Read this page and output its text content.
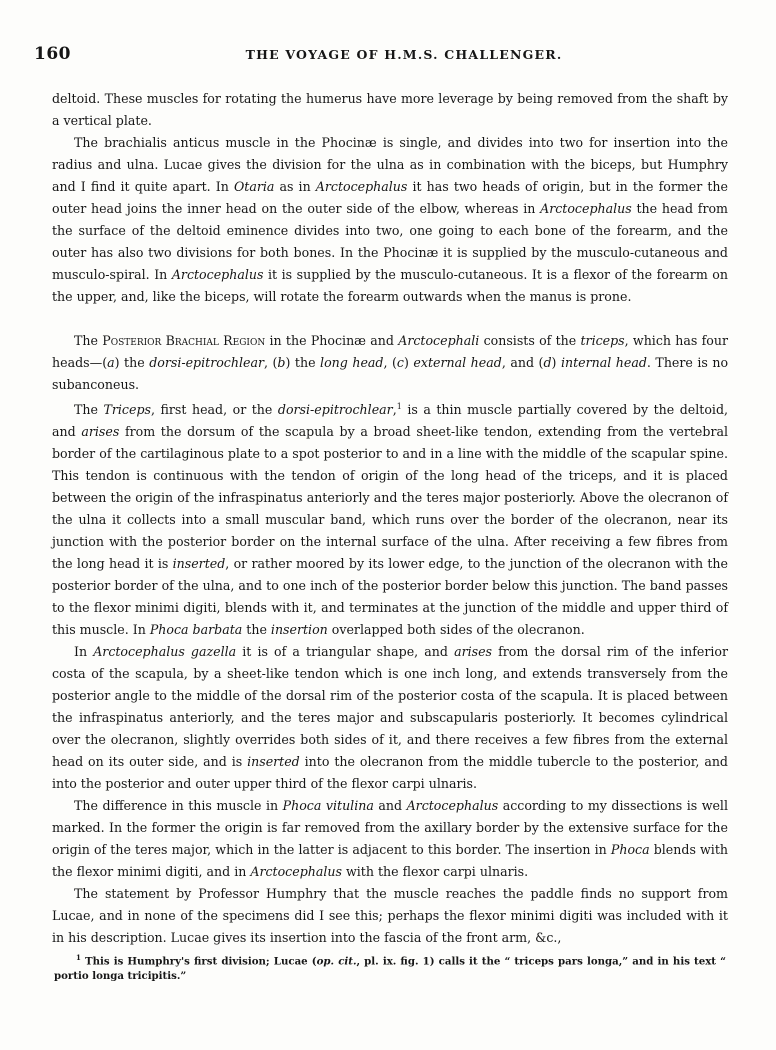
160	THE VOYAGE OF H.M.S. CHALLENGER.

deltoid. These muscles for rotating the humerus have more leverage by being removed from the shaft by a vertical plate.

The brachialis anticus muscle in the Phocinæ is single, and divides into two for insertion into the radius and ulna. Lucae gives the division for the ulna as in combination with the biceps, but Humphry and I find it quite apart. In Otaria as in Arctocephalus it has two heads of origin, but in the former the outer head joins the inner head on the outer side of the elbow, whereas in Arctocephalus the head from the surface of the deltoid eminence divides into two, one going to each bone of the forearm, and the outer has also two divisions for both bones. In the Phocinæ it is supplied by the musculo-cutaneous and musculo-spiral. In Arctocephalus it is supplied by the musculo-cutaneous. It is a flexor of the forearm on the upper, and, like the biceps, will rotate the forearm outwards when the manus is prone.

The Posterior Brachial Region in the Phocinæ and Arctocephali consists of the triceps, which has four heads—(a) the dorsi-epitrochlear, (b) the long head, (c) external head, and (d) internal head. There is no subanconeus.

The Triceps, first head, or the dorsi-epitrochlear,$^1$ is a thin muscle partially covered by the deltoid, and arises from the dorsum of the scapula by a broad sheet-like tendon, extending from the vertebral border of the cartilaginous plate to a spot posterior to and in a line with the middle of the scapular spine. This tendon is continuous with the tendon of origin of the long head of the triceps, and it is placed between the origin of the infraspinatus anteriorly and the teres major posteriorly. Above the olecranon of the ulna it collects into a small muscular band, which runs over the border of the olecranon, near its junction with the posterior border on the internal surface of the ulna. After receiving a few fibres from the long head it is inserted, or rather moored by its lower edge, to the junction of the olecranon with the posterior border of the ulna, and to one inch of the posterior border below this junction. The band passes to the flexor minimi digiti, blends with it, and terminates at the junction of the middle and upper third of this muscle. In Phoca barbata the insertion overlapped both sides of the olecranon.

In Arctocephalus gazella it is of a triangular shape, and arises from the dorsal rim of the inferior costa of the scapula, by a sheet-like tendon which is one inch long, and extends transversely from the posterior angle to the middle of the dorsal rim of the posterior costa of the scapula. It is placed between the infraspinatus anteriorly, and the teres major and subscapularis posteriorly. It becomes cylindrical over the olecranon, slightly overrides both sides of it, and there receives a few fibres from the external head on its outer side, and is inserted into the olecranon from the middle tubercle to the posterior, and into the posterior and outer upper third of the flexor carpi ulnaris.

The difference in this muscle in Phoca vitulina and Arctocephalus according to my dissections is well marked. In the former the origin is far removed from the axillary border by the extensive surface for the origin of the teres major, which in the latter is adjacent to this border. The insertion in Phoca blends with the flexor minimi digiti, and in Arctocephalus with the flexor carpi ulnaris.

The statement by Professor Humphry that the muscle reaches the paddle finds no support from Lucae, and in none of the specimens did I see this; perhaps the flexor minimi digiti was included with it in his description. Lucae gives its insertion into the fascia of the front arm, &c.,

$^1$ This is Humphry's first division; Lucae (op. cit., pl. ix. fig. 1) calls it the “ triceps pars longa,” and in his text “ portio longa tricipitis.”
